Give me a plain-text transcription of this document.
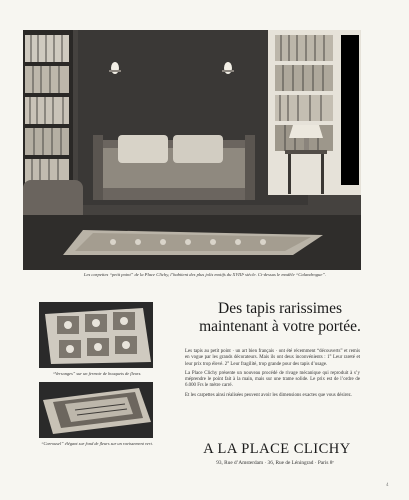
Les carpettes “petit point” de la Place Clichy, l’habitent des plus jolis motifs du XVIIIᵉ siècle. Ci-dessus le modèle “Calandrogue”.
“Versonges” sur un fermoir de bouquets de fleurs.
“Carrousel” élégant sur fond de fleurs sur un ravissement vert.
Des tapis rarissimes
maintenant à votre portée.

Les tapis au petit point · un art bien français · ont été récemment “découverts” et remis en vogue par les grands décorateurs. Mais ils ont deux inconvénients : 1° Leur rareté et leur prix trop élevé. 2° Leur fragilité, trop grande pour des tapis d’usage.

La Place Clichy présente un nouveau procédé de rivage mécanique qui reproduit à s’y méprendre le point fait à la main, mais sur une trame solide. Le prix est de l’ordre de 6.000 Frs le mètre carré.

Et les carpettes ainsi réalisées peuvent avoir les dimensions exactes que vous désirez.

A LA PLACE CLICHY
93, Rue d’Amsterdam · 36, Rue de Léningrad · Paris 8ᵉ
4
